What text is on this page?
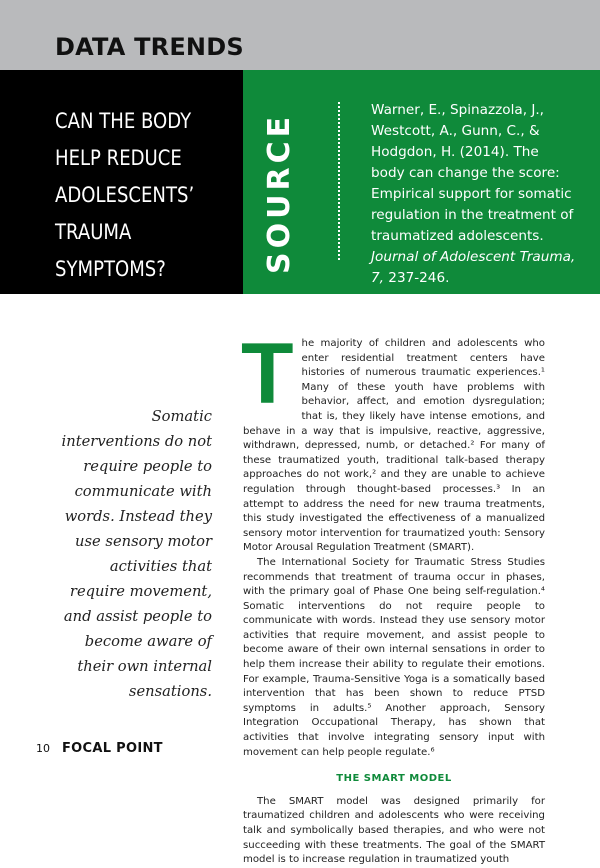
DATA TRENDS
CAN THE BODY
HELP REDUCE
ADOLESCENTS’
TRAUMA
SYMPTOMS?	SOURCE
Warner, E., Spinazzola, J., Westcott, A., Gunn, C., & Hodgdon, H. (2014). The body can change the score: Empirical support for somatic regulation in the treatment of traumatized adolescents. Journal of Adolescent Trauma, 7, 237-246.
Somatic interventions do not require people to communicate with words. Instead they use sensory motor activities that require movement, and assist people to become aware of their own internal sensations.

The majority of children and adolescents who enter residential treatment centers have histories of numerous traumatic experiences.¹ Many of these youth have problems with behavior, affect, and emotion dysregulation; that is, they likely have intense emotions, and behave in a way that is impulsive, reactive, aggressive, withdrawn, depressed, numb, or detached.² For many of these traumatized youth, traditional talk-based therapy approaches do not work,² and they are unable to achieve regulation through thought-based processes.³ In an attempt to address the need for new trauma treatments, this study investigated the effectiveness of a manualized sensory motor intervention for traumatized youth: Sensory Motor Arousal Regulation Treatment (SMART).

The International Society for Traumatic Stress Studies recommends that treatment of trauma occur in phases, with the primary goal of Phase One being self-regulation.⁴ Somatic interventions do not require people to communicate with words. Instead they use sensory motor activities that require movement, and assist people to become aware of their own internal sensations in order to help them increase their ability to regulate their emotions. For example, Trauma-Sensitive Yoga is a somatically based intervention that has been shown to reduce PTSD symptoms in adults.⁵ Another approach, Sensory Integration Occupational Therapy, has shown that activities that involve integrating sensory input with movement can help people regulate.⁶

THE SMART MODEL

The SMART model was designed primarily for traumatized children and adolescents who were receiving talk and symbolically based therapies, and who were not succeeding with these treatments. The goal of the SMART model is to increase regulation in traumatized youth

10 FOCAL POINT
